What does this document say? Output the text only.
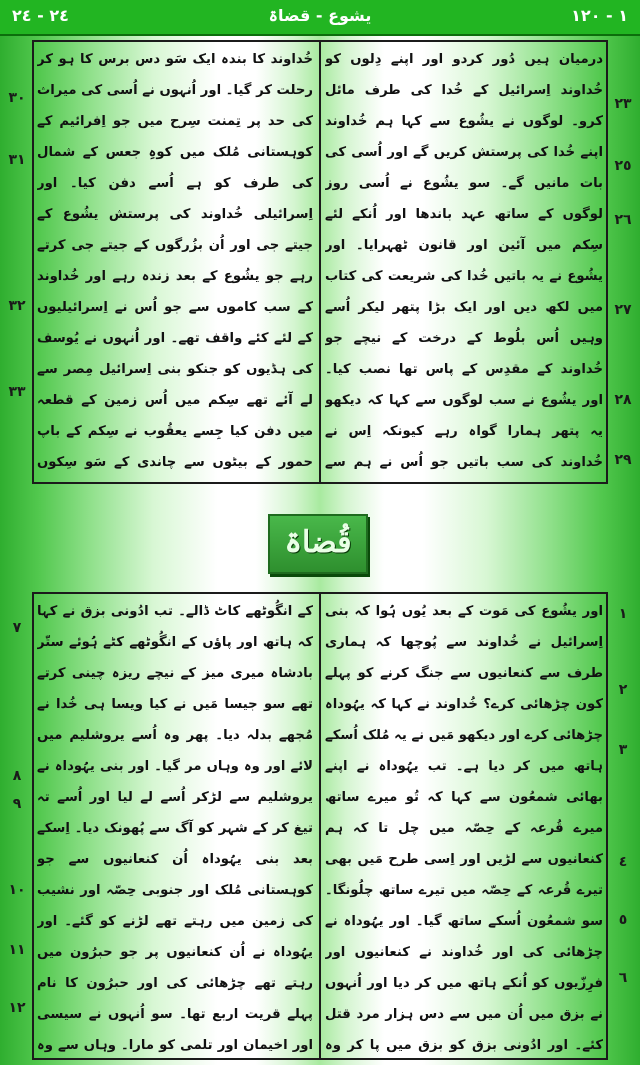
٢٤ - ٢٤	یشوع - قضاۃ	١ - ١٢٠
٢٣
٢٥
٢٦
٢٧
٢٨
٢٩
٣٠
٣١
٣٢
٣٣

درمیان ہیں دُور کردو اور اپنے دِلوں کو خُداوند اِسرائیل کے خُدا کی طرف مائل کرو۔ لوگوں نے یشُوع سے کہا ہم خُداوند اپنے خُدا کی پرستش کریں گے اور اُسی کی بات مانیں گے۔ سو یشُوع نے اُسی روز لوگوں کے ساتھ عہد باندھا اور اُنکے لئے سِکم میں آئین اور قانون ٹھہرایا۔ اور یشُوع نے یہ باتیں خُدا کی شریعت کی کتاب میں لکھ دیں اور ایک بڑا پتھر لیکر اُسے وہیں اُس بلُوط کے درخت کے نیچے جو خُداوند کے مقدِس کے پاس تھا نصب کیا۔ اور یشُوع نے سب لوگوں سے کہا کہ دیکھو یہ پتھر ہمارا گواہ رہے کیونکہ اِس نے خُداوند کی سب باتیں جو اُس نے ہم سے

خُداوند کا بندہ ایک سَو دس برس کا ہو کر رحلت کر گیا۔ اور اُنہوں نے اُسی کی میراث کی حد پر تِمنت سِرح میں جو اِفرائیم کے کوہستانی مُلک میں کوہِ جعس کے شمال کی طرف کو ہے اُسے دفن کیا۔ اور اِسرائیلی خُداوند کی پرستش یشُوع کے جیتے جی اور اُن بزُرگوں کے جیتے جی کرتے رہے جو یشُوع کے بعد زندہ رہے اور خُداوند کے سب کاموں سے جو اُس نے اِسرائیلیوں کے لئے کئے واقف تھے۔ اور اُنہوں نے یُوسف کی ہڈیوں کو جنکو بنی اِسرائیل مِصر سے لے آئے تھے سِکم میں اُس زمین کے قطعہ میں دفن کیا جِسے یعقُوب نے سِکم کے باپ حمور کے بیٹوں سے چاندی کے سَو سِکوں

قُضاۃ
١
٢
٣
٤
٥
٦
٧
٨
٩
١٠
١١
١٢

اور یشُوع کی مَوت کے بعد یُوں ہُوا کہ بنی اِسرائیل نے خُداوند سے پُوچھا کہ ہماری طرف سے کنعانیوں سے جنگ کرنے کو پہلے کون چڑھائی کرے؟ خُداوند نے کہا کہ یہُوداہ چڑھائی کرے اور دیکھو مَیں نے یہ مُلک اُسکے ہاتھ میں کر دیا ہے۔ تب یہُوداہ نے اپنے بھائی شمعُون سے کہا کہ تُو میرے ساتھ میرے قُرعہ کے حِصّہ میں چل تا کہ ہم کنعانیوں سے لڑیں اور اِسی طرح مَیں بھی تیرے قُرعہ کے حِصّہ میں تیرے ساتھ چلُونگا۔ سو شمعُون اُسکے ساتھ گیا۔ اور یہُوداہ نے چڑھائی کی اور خُداوند نے کنعانیوں اور فرِزّیوں کو اُنکے ہاتھ میں کر دیا اور اُنہوں نے بزق میں اُن میں سے دس ہزار مرد قتل کئے۔ اور ادُونی بزق کو بزق میں پا کر وہ

کے انگُوٹھے کاٹ ڈالے۔ تب ادُونی بزق نے کہا کہ ہاتھ اور پاؤں کے انگُوٹھے کٹے ہُوئے ستّر بادشاہ میری میز کے نیچے ریزہ چینی کرتے تھے سو جیسا مَیں نے کیا ویسا ہی خُدا نے مُجھے بدلہ دیا۔ پھر وہ اُسے یروشلیم میں لائے اور وہ وہاں مر گیا۔ اور بنی یہُوداہ نے یروشلیم سے لڑکر اُسے لے لیا اور اُسے تہ تیغ کر کے شہر کو آگ سے پُھونک دیا۔ اِسکے بعد بنی یہُوداہ اُن کنعانیوں سے جو کوہستانی مُلک اور جنوبی حِصّہ اور نشیب کی زمین میں رہتے تھے لڑنے کو گئے۔ اور یہُوداہ نے اُن کنعانیوں پر جو حبرُون میں رہتے تھے چڑھائی کی اور حبرُون کا نام پہلے قریت اربع تھا۔ سو اُنہوں نے سیسی اور اخیمان اور تلمی کو مارا۔ وہاں سے وہ
